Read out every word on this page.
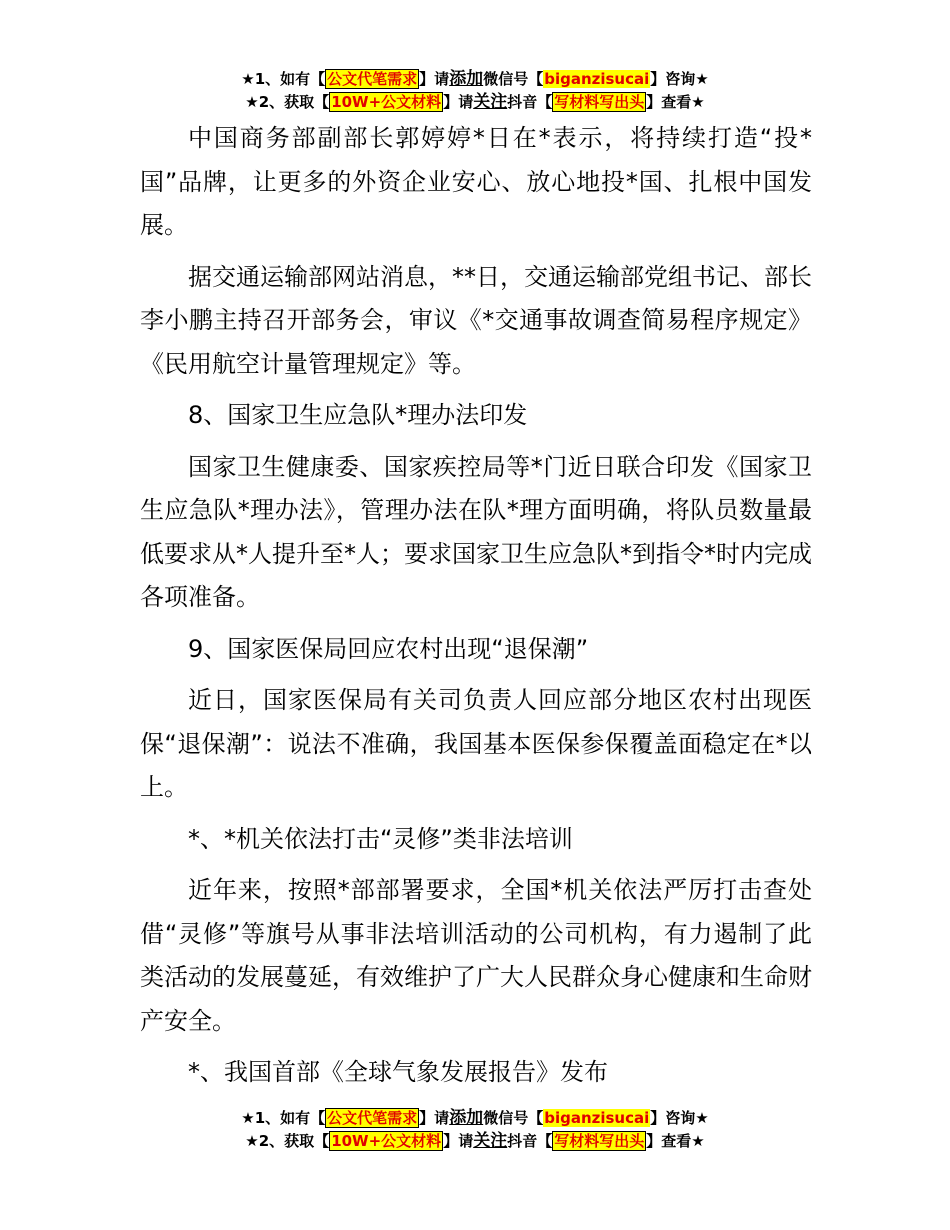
★1、如有【 公文代笔需求 】请添加微信号【biganzisucai】咨询★
★2、获取【 10W+公文材料 】请关注抖音【 写材料写出头 】查看★

中国商务部副部长郭婷婷*日在*表示，将持续打造“投*国”品牌，让更多的外资企业安心、放心地投*国、扎根中国发展。

据交通运输部网站消息，**日，交通运输部党组书记、部长李小鹏主持召开部务会，审议《*交通事故调查简易程序规定》《民用航空计量管理规定》等。

8、国家卫生应急队*理办法印发

国家卫生健康委、国家疾控局等*门近日联合印发《国家卫生应急队*理办法》，管理办法在队*理方面明确，将队员数量最低要求从*人提升至*人；要求国家卫生应急队*到指令*时内完成各项准备。

9、国家医保局回应农村出现“退保潮”

近日，国家医保局有关司负责人回应部分地区农村出现医保“退保潮”：说法不准确，我国基本医保参保覆盖面稳定在*以上。

*、*机关依法打击“灵修”类非法培训

近年来，按照*部部署要求，全国*机关依法严厉打击查处借“灵修”等旗号从事非法培训活动的公司机构，有力遏制了此类活动的发展蔓延，有效维护了广大人民群众身心健康和生命财产安全。

*、我国首部《全球气象发展报告》发布

★1、如有【 公文代笔需求 】请添加微信号【biganzisucai】咨询★
★2、获取【 10W+公文材料 】请关注抖音【 写材料写出头 】查看★
